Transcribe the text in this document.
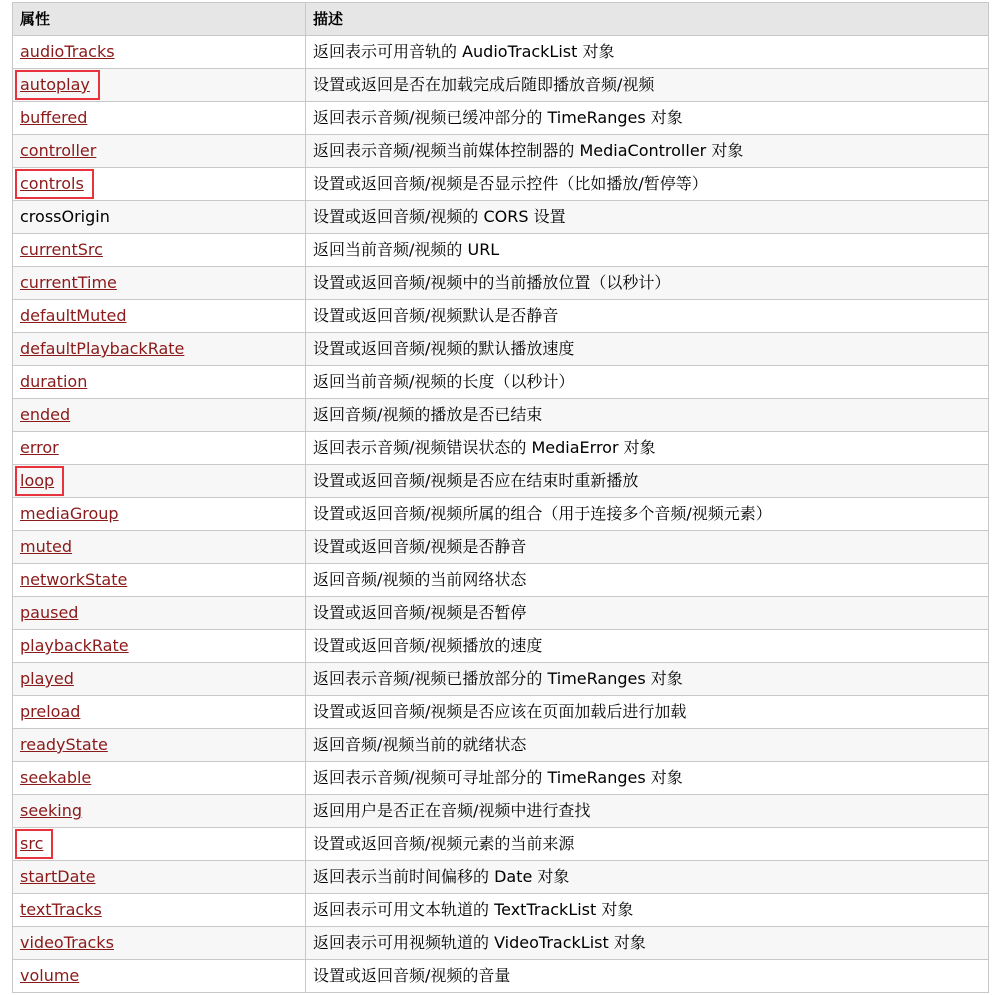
属性	描述
audioTracks	返回表示可用音轨的 AudioTrackList 对象
autoplay	设置或返回是否在加载完成后随即播放音频/视频
buffered	返回表示音频/视频已缓冲部分的 TimeRanges 对象
controller	返回表示音频/视频当前媒体控制器的 MediaController 对象
controls	设置或返回音频/视频是否显示控件（比如播放/暂停等）
crossOrigin	设置或返回音频/视频的 CORS 设置
currentSrc	返回当前音频/视频的 URL
currentTime	设置或返回音频/视频中的当前播放位置（以秒计）
defaultMuted	设置或返回音频/视频默认是否静音
defaultPlaybackRate	设置或返回音频/视频的默认播放速度
duration	返回当前音频/视频的长度（以秒计）
ended	返回音频/视频的播放是否已结束
error	返回表示音频/视频错误状态的 MediaError 对象
loop	设置或返回音频/视频是否应在结束时重新播放
mediaGroup	设置或返回音频/视频所属的组合（用于连接多个音频/视频元素）
muted	设置或返回音频/视频是否静音
networkState	返回音频/视频的当前网络状态
paused	设置或返回音频/视频是否暂停
playbackRate	设置或返回音频/视频播放的速度
played	返回表示音频/视频已播放部分的 TimeRanges 对象
preload	设置或返回音频/视频是否应该在页面加载后进行加载
readyState	返回音频/视频当前的就绪状态
seekable	返回表示音频/视频可寻址部分的 TimeRanges 对象
seeking	返回用户是否正在音频/视频中进行查找
src	设置或返回音频/视频元素的当前来源
startDate	返回表示当前时间偏移的 Date 对象
textTracks	返回表示可用文本轨道的 TextTrackList 对象
videoTracks	返回表示可用视频轨道的 VideoTrackList 对象
volume	设置或返回音频/视频的音量
